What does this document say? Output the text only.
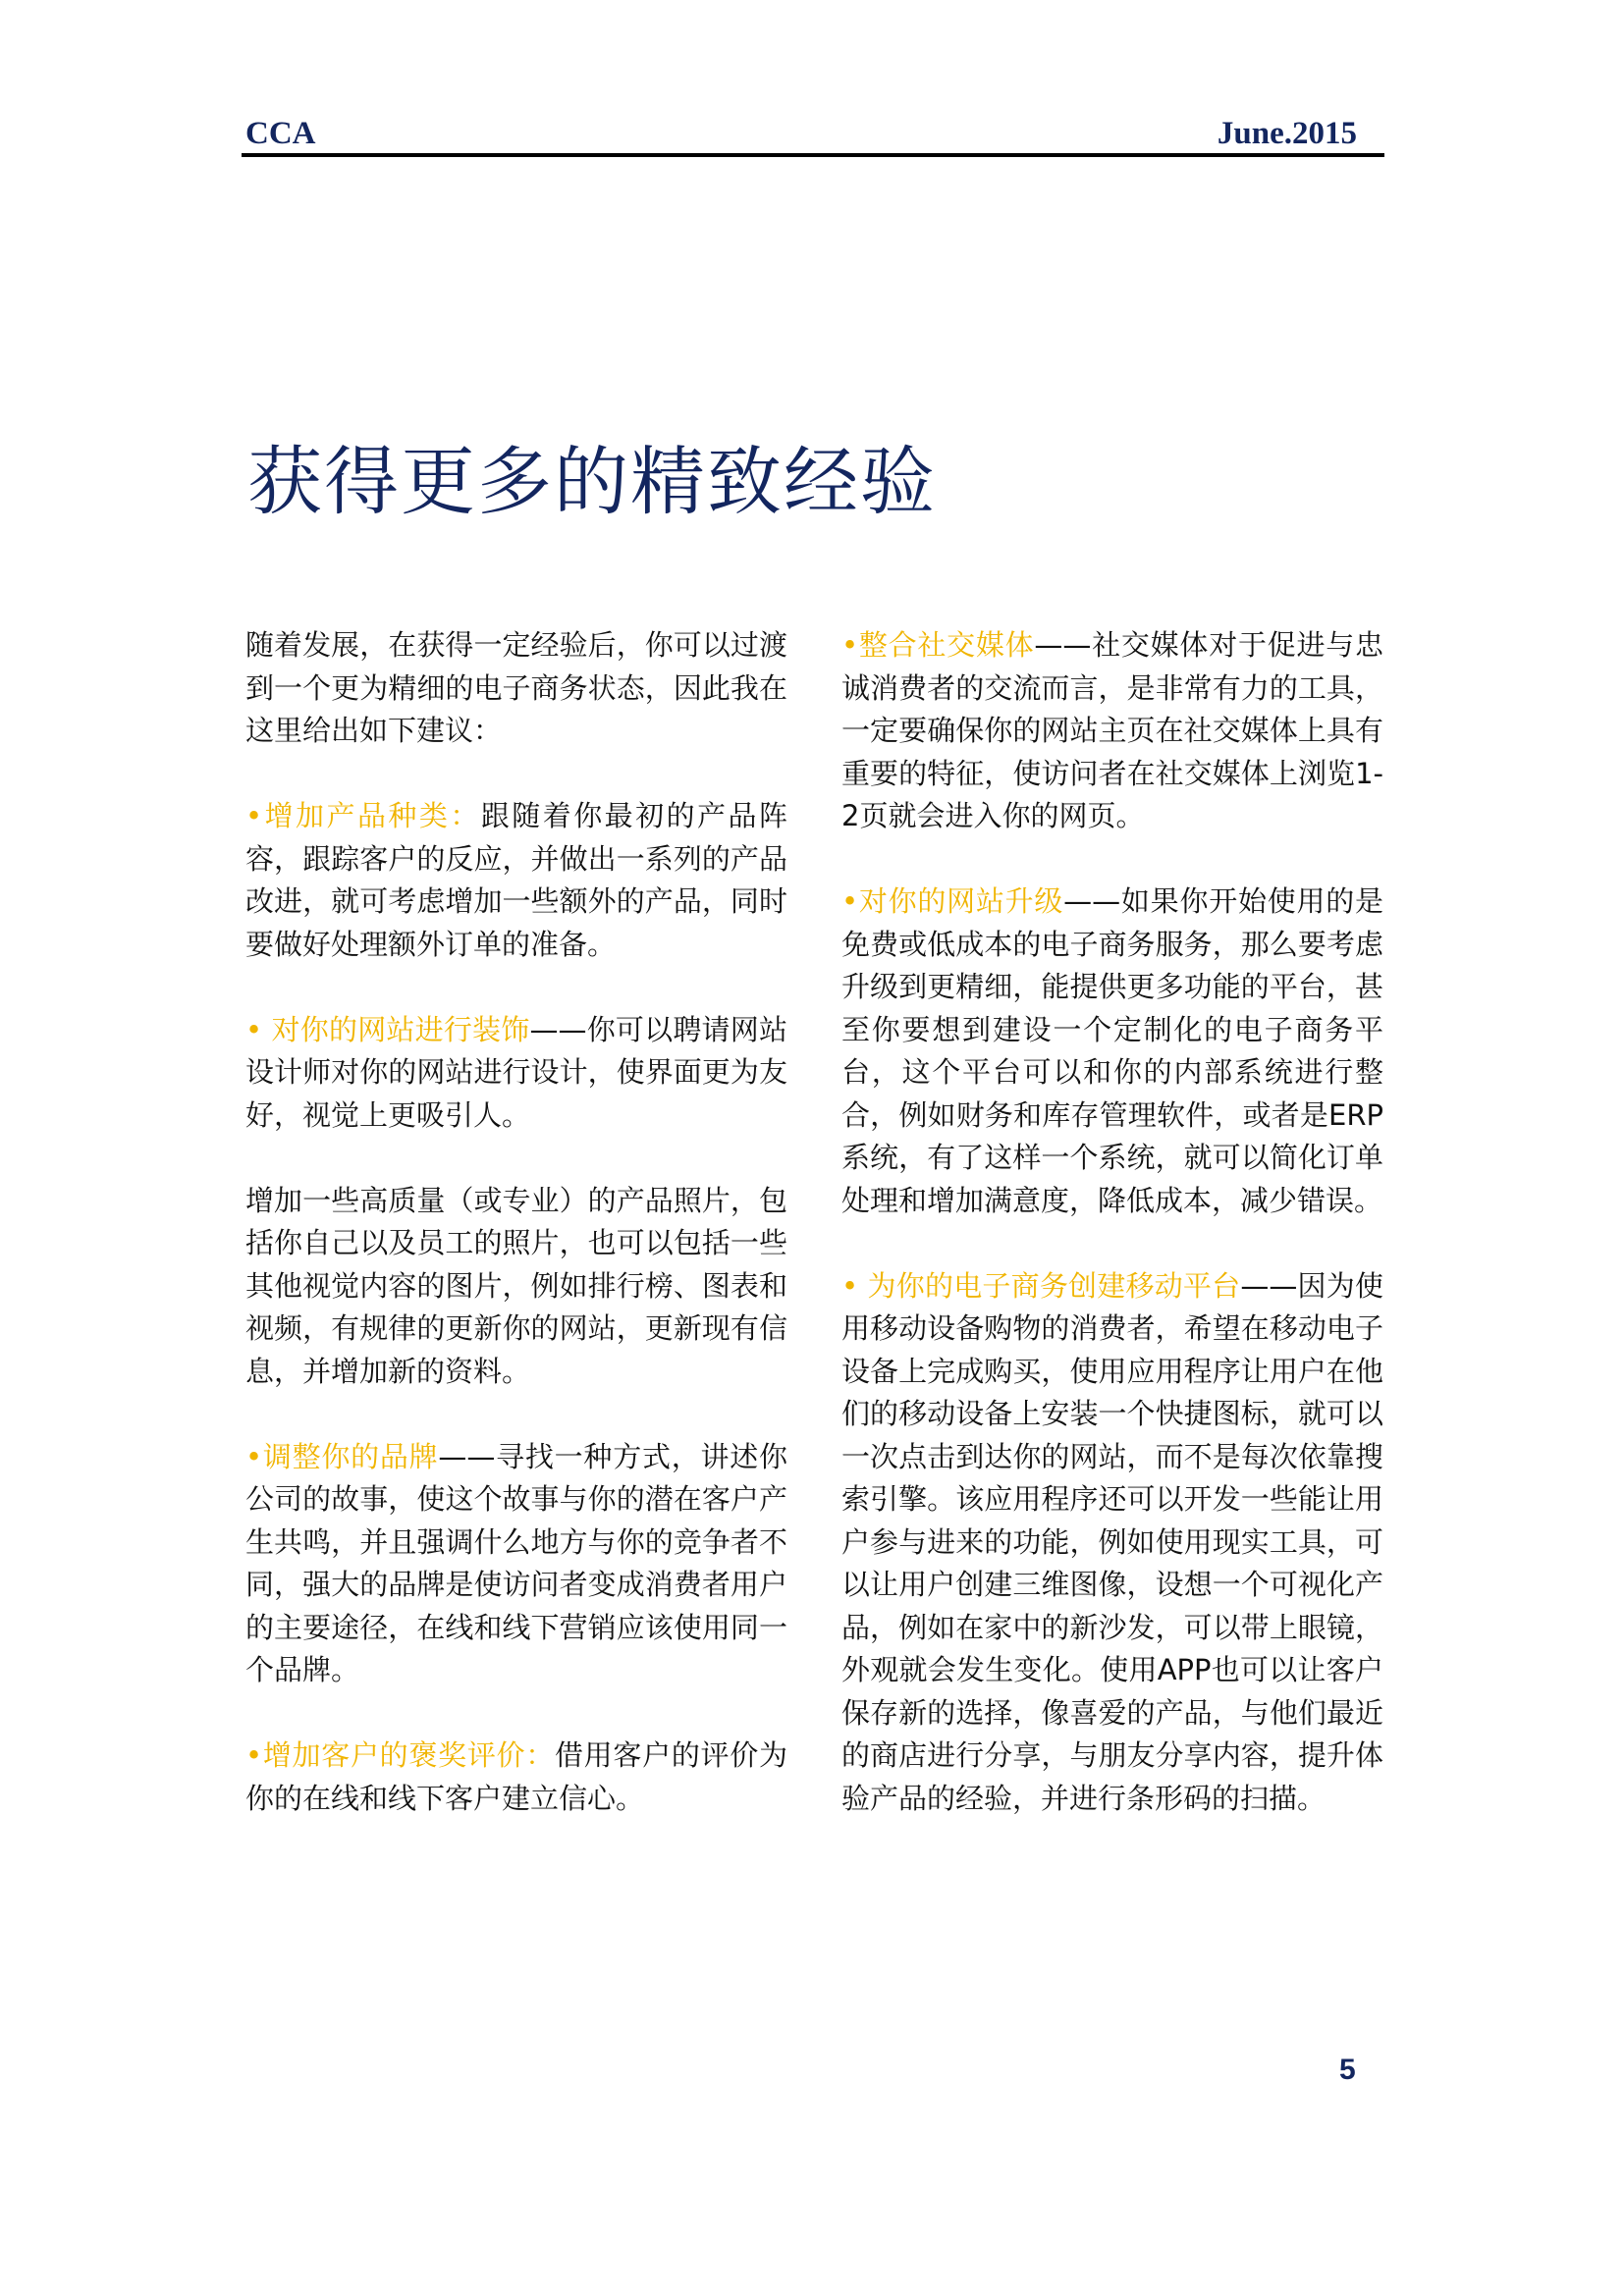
CCA	June.2015
获得更多的精致经验

随着发展，在获得一定经验后，你可以过渡到一个更为精细的电子商务状态，因此我在这里给出如下建议：

•增加产品种类：跟随着你最初的产品阵容，跟踪客户的反应，并做出一系列的产品改进，就可考虑增加一些额外的产品，同时要做好处理额外订单的准备。

• 对你的网站进行装饰——你可以聘请网站设计师对你的网站进行设计，使界面更为友好，视觉上更吸引人。

增加一些高质量（或专业）的产品照片，包括你自己以及员工的照片，也可以包括一些其他视觉内容的图片，例如排行榜、图表和视频，有规律的更新你的网站，更新现有信息，并增加新的资料。

•调整你的品牌——寻找一种方式，讲述你公司的故事，使这个故事与你的潜在客户产生共鸣，并且强调什么地方与你的竞争者不同，强大的品牌是使访问者变成消费者用户的主要途径，在线和线下营销应该使用同一个品牌。

•增加客户的褒奖评价：借用客户的评价为你的在线和线下客户建立信心。

•整合社交媒体——社交媒体对于促进与忠诚消费者的交流而言，是非常有力的工具，一定要确保你的网站主页在社交媒体上具有重要的特征，使访问者在社交媒体上浏览1-2页就会进入你的网页。

•对你的网站升级——如果你开始使用的是免费或低成本的电子商务服务，那么要考虑升级到更精细，能提供更多功能的平台，甚至你要想到建设一个定制化的电子商务平台，这个平台可以和你的内部系统进行整合，例如财务和库存管理软件，或者是ERP系统，有了这样一个系统，就可以简化订单处理和增加满意度，降低成本，减少错误。

• 为你的电子商务创建移动平台——因为使用移动设备购物的消费者，希望在移动电子设备上完成购买，使用应用程序让用户在他们的移动设备上安装一个快捷图标，就可以一次点击到达你的网站，而不是每次依靠搜索引擎。该应用程序还可以开发一些能让用户参与进来的功能，例如使用现实工具，可以让用户创建三维图像，设想一个可视化产品，例如在家中的新沙发，可以带上眼镜，外观就会发生变化。使用APP也可以让客户保存新的选择，像喜爱的产品，与他们最近的商店进行分享，与朋友分享内容，提升体验产品的经验，并进行条形码的扫描。

5
